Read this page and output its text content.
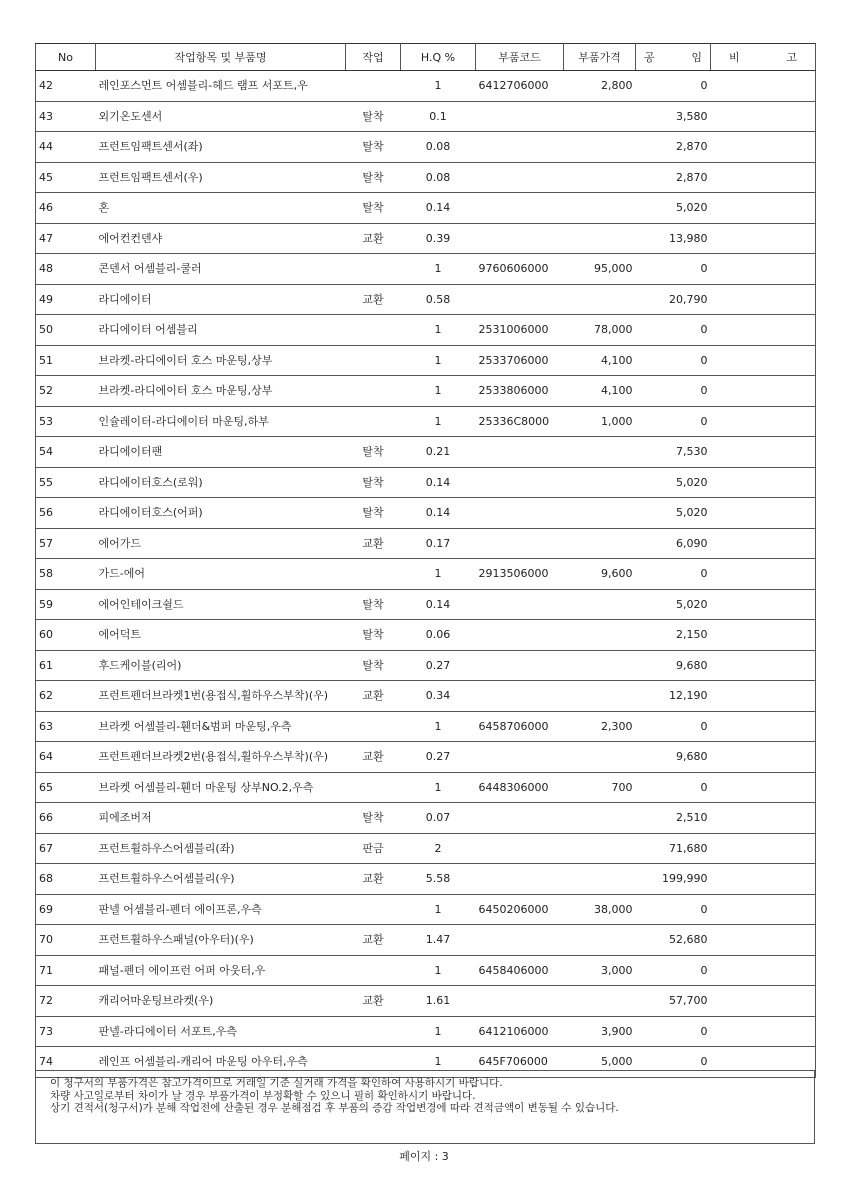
No	작업항목 및 부품명	작업	H.Q %	부품코드	부품가격	공 임	비 고

42	레인포스먼트 어셈블리-헤드 램프 서포트,우		1	6412706000	2,800	0	
43	외기온도센서	탈착	0.1			3,580	
44	프런트임팩트센서(좌)	탈착	0.08			2,870	
45	프런트임팩트센서(우)	탈착	0.08			2,870	
46	혼	탈착	0.14			5,020	
47	에어컨컨덴샤	교환	0.39			13,980	
48	콘덴서 어셈블리-쿨러		1	9760606000	95,000	0	
49	라디에이터	교환	0.58			20,790	
50	라디에이터 어셈블리		1	2531006000	78,000	0	
51	브라켓-라디에이터 호스 마운팅,상부		1	2533706000	4,100	0	
52	브라켓-라디에이터 호스 마운팅,상부		1	2533806000	4,100	0	
53	인슐레이터-라디에이터 마운팅,하부		1	25336C8000	1,000	0	
54	라디에이터팬	탈착	0.21			7,530	
55	라디에이터호스(로워)	탈착	0.14			5,020	
56	라디에이터호스(어퍼)	탈착	0.14			5,020	
57	에어가드	교환	0.17			6,090	
58	가드-에어		1	2913506000	9,600	0	
59	에어인테이크쉴드	탈착	0.14			5,020	
60	에어덕트	탈착	0.06			2,150	
61	후드케이블(리어)	탈착	0.27			9,680	
62	프런트펜더브라켓1번(용접식,휠하우스부착)(우)	교환	0.34			12,190	
63	브라켓 어셈블리-휀더&범퍼 마운팅,우측		1	6458706000	2,300	0	
64	프런트펜더브라켓2번(용접식,휠하우스부착)(우)	교환	0.27			9,680	
65	브라켓 어셈블리-휀더 마운팅 상부NO.2,우측		1	6448306000	700	0	
66	피에조버저	탈착	0.07			2,510	
67	프런트휠하우스어셈블리(좌)	판금	2			71,680	
68	프런트휠하우스어셈블리(우)	교환	5.58			199,990	
69	판넬 어셈블리-펜더 에이프론,우측		1	6450206000	38,000	0	
70	프런트휠하우스패널(아우터)(우)	교환	1.47			52,680	
71	패널-펜더 에이프런 어퍼 아웃터,우		1	6458406000	3,000	0	
72	캐리어마운팅브라켓(우)	교환	1.61			57,700	
73	판넬-라디에이터 서포트,우측		1	6412106000	3,900	0	
74	레인프 어셈블리-캐리어 마운팅 아우터,우측		1	645F706000	5,000	0	

이 청구서의 부품가격은 참고가격이므로 거래일 기준 실거래 가격을 확인하여 사용하시기 바랍니다.

차량 사고일로부터 차이가 날 경우 부품가격이 부정확할 수 있으니 필히 확인하시기 바랍니다.

상기 견적서(청구서)가 분해 작업전에 산출된 경우 분해점검 후 부품의 증감 작업변경에 따라 견적금액이 변동될 수 있습니다.

페이지 : 3
